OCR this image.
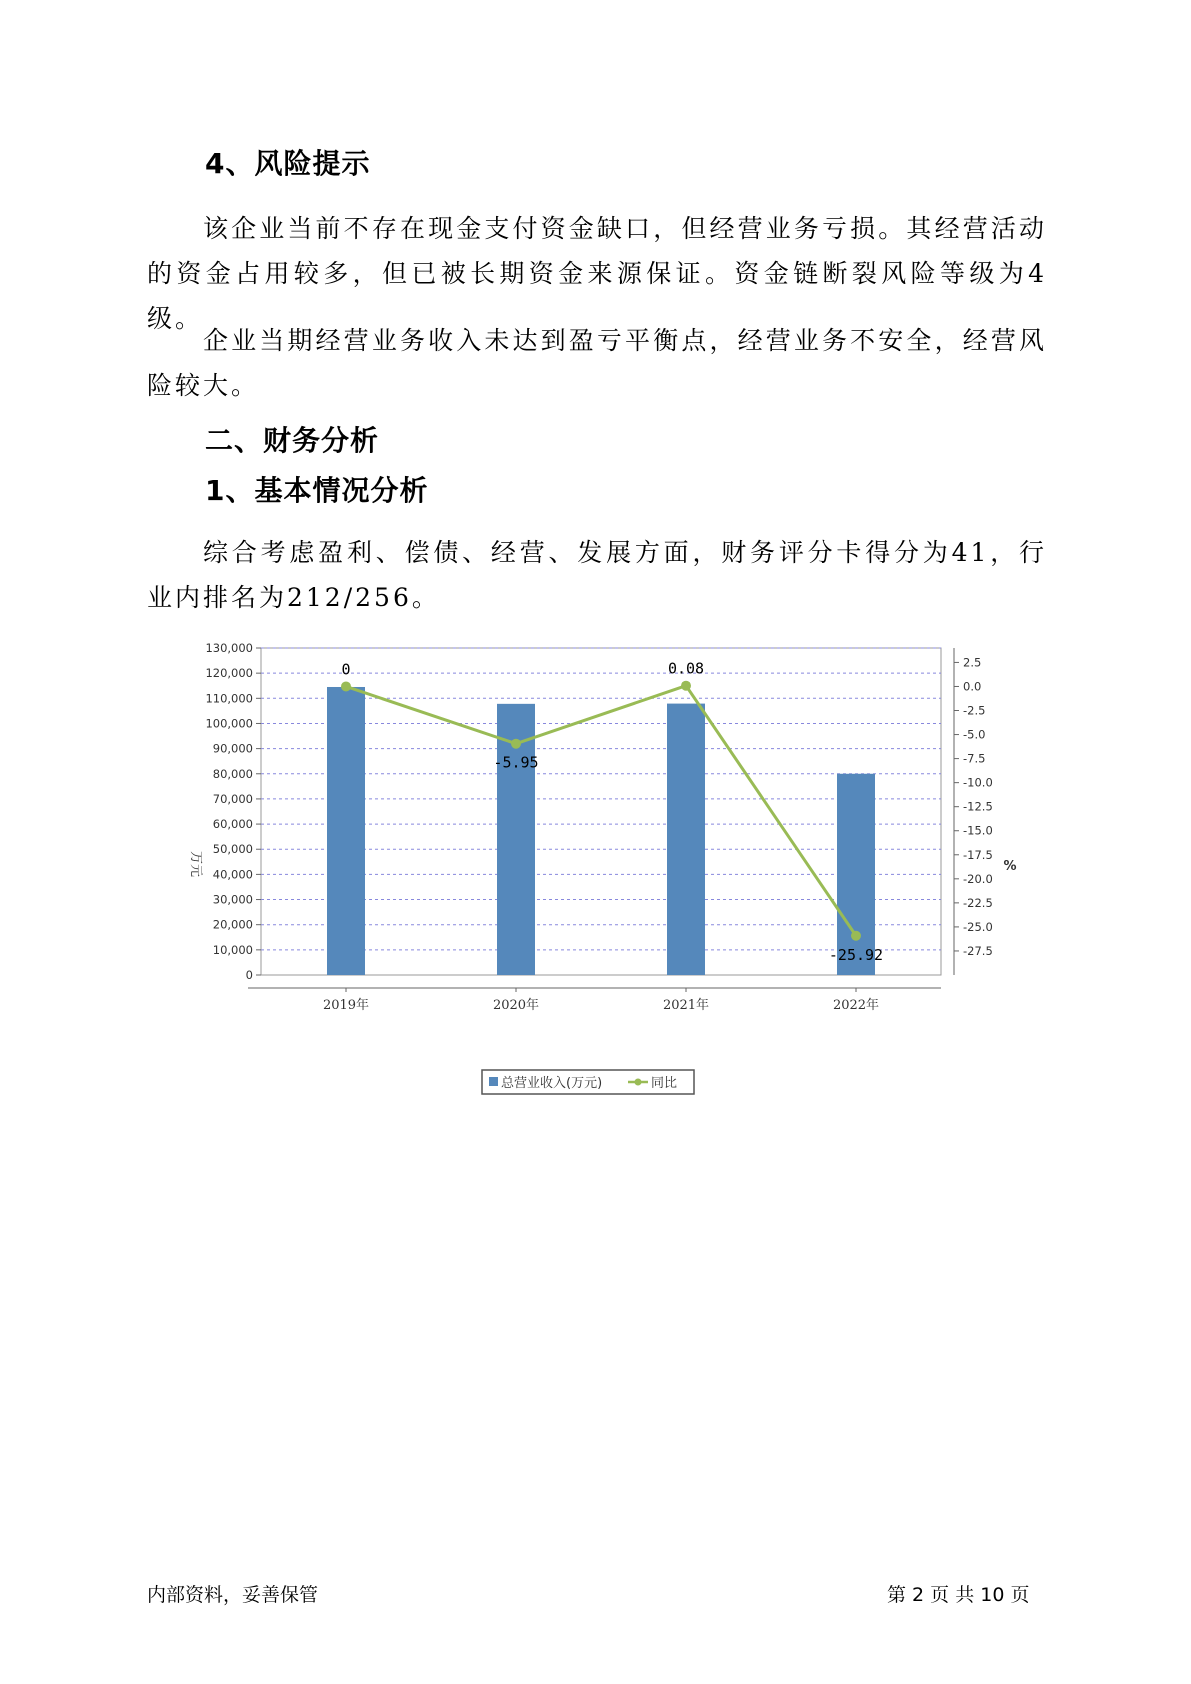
4、风险提示

该企业当前不存在现金支付资金缺口，但经营业务亏损。其经营活动的资金占用较多，但已被长期资金来源保证。资金链断裂风险等级为4级。

企业当期经营业务收入未达到盈亏平衡点，经营业务不安全，经营风险较大。

二、财务分析
1、基本情况分析

综合考虑盈利、偿债、经营、发展方面，财务评分卡得分为41，行业内排名为212/256。

0
10,000
20,000
30,000
40,000
50,000
60,000
70,000
80,000
90,000
100,000
110,000
120,000
130,000
-27.5
-25.0
-22.5
-20.0
-17.5
-15.0
-12.5
-10.0
-7.5
-5.0
-2.5
0.0
2.5
2019年	2020年	2021年	2022年
0
-5.95
0.08
-25.92
万元	%
总营业收入(万元)	同比
内部资料，妥善保管	第 2 页 共 10 页
